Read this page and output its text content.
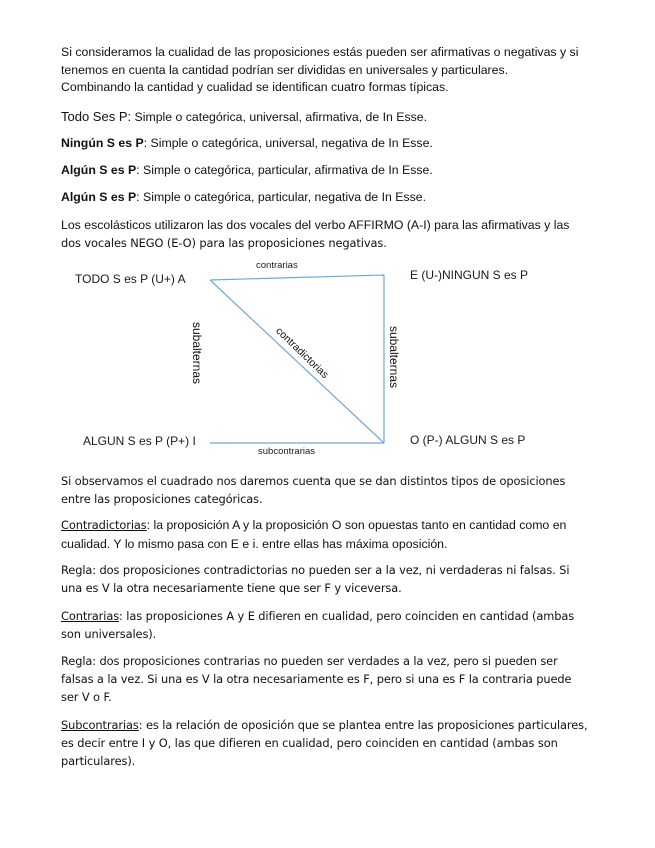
Si consideramos la cualidad de las proposiciones estás pueden ser afirmativas o negativas y si
tenemos en cuenta la cantidad podrían ser divididas en universales y particulares.
Combinando la cantidad y cualidad se identifican cuatro formas típicas.

Todo Ses P: Simple o categórica, universal, afirmativa, de In Esse.

Ningún S es P: Simple o categórica, universal, negativa de In Esse.

Algún S es P: Simple o categórica, particular, afirmativa de In Esse.

Algún S es P: Simple o categórica, particular, negativa de In Esse.

Los escolásticos utilizaron las dos vocales del verbo AFFIRMO (A-I) para las afirmativas y las
dos vocales NEGO (E-O) para las proposiciones negativas.

contrarias
TODO S es P (U+) A	E (U-)NINGUN S es P
ALGUN S es P (P+) I	O (P-) ALGUN S es P
subcontrarias
subalternas	subalternas
contradictorias

Si observamos el cuadrado nos daremos cuenta que se dan distintos tipos de oposiciones
entre las proposiciones categóricas.

Contradictorias: la proposición A y la proposición O son opuestas tanto en cantidad como en
cualidad. Y lo mismo pasa con E e i. entre ellas has máxima oposición.

Regla: dos proposiciones contradictorias no pueden ser a la vez, ni verdaderas ni falsas. Si
una es V la otra necesariamente tiene que ser F y viceversa.

Contrarias: las proposiciones A y E difieren en cualidad, pero coinciden en cantidad (ambas
son universales).

Regla: dos proposiciones contrarias no pueden ser verdades a la vez, pero si pueden ser
falsas a la vez. Si una es V la otra necesariamente es F, pero si una es F la contraria puede
ser V o F.

Subcontrarias: es la relación de oposición que se plantea entre las proposiciones particulares,
es decir entre I y O, las que difieren en cualidad, pero coinciden en cantidad (ambas son
particulares).
